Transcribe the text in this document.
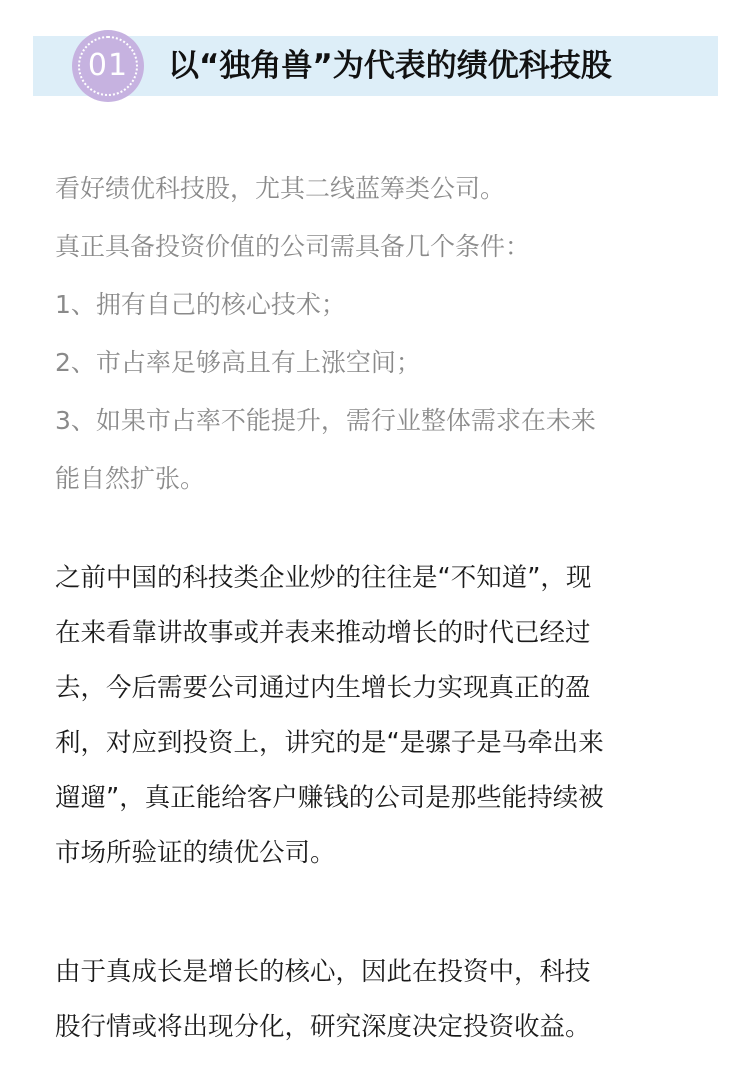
01	以“独角兽”为代表的绩优科技股

看好绩优科技股，尤其二线蓝筹类公司。

真正具备投资价值的公司需具备几个条件：

1、拥有自己的核心技术；

2、市占率足够高且有上涨空间；

3、如果市占率不能提升，需行业整体需求在未来

能自然扩张。

之前中国的科技类企业炒的往往是“不知道”，现

在来看靠讲故事或并表来推动增长的时代已经过

去，今后需要公司通过内生增长力实现真正的盈

利，对应到投资上，讲究的是“是骡子是马牵出来

遛遛”，真正能给客户赚钱的公司是那些能持续被

市场所验证的绩优公司。

由于真成长是增长的核心，因此在投资中，科技

股行情或将出现分化，研究深度决定投资收益。
